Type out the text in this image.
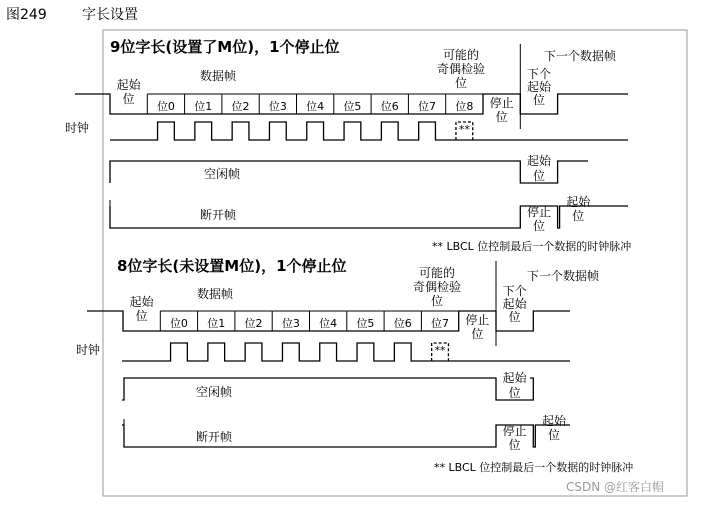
图249	字长设置
9位字长(设置了M位)，1个停止位
数据帧
可能的
奇偶检验
位
下一个数据帧
位0 位1 位2 位3 位4 位5 位6 位7 位8
起始
位	停止
位
下个
起始
位
时钟	**
空闲帧
起始
位
断开帧	停止
位
起始
位
** LBCL 位控制最后一个数据的时钟脉冲
8位字长(未设置M位)，1个停止位
数据帧
可能的
奇偶检验
位
下一个数据帧
位0 位1 位2 位3 位4 位5 位6 位7
起始
位	停止
位
下个
起始
位
时钟	**
空闲帧
起始
位
断开帧	停止
位
起始
位
** LBCL 位控制最后一个数据的时钟脉冲
CSDN @红客白帽
